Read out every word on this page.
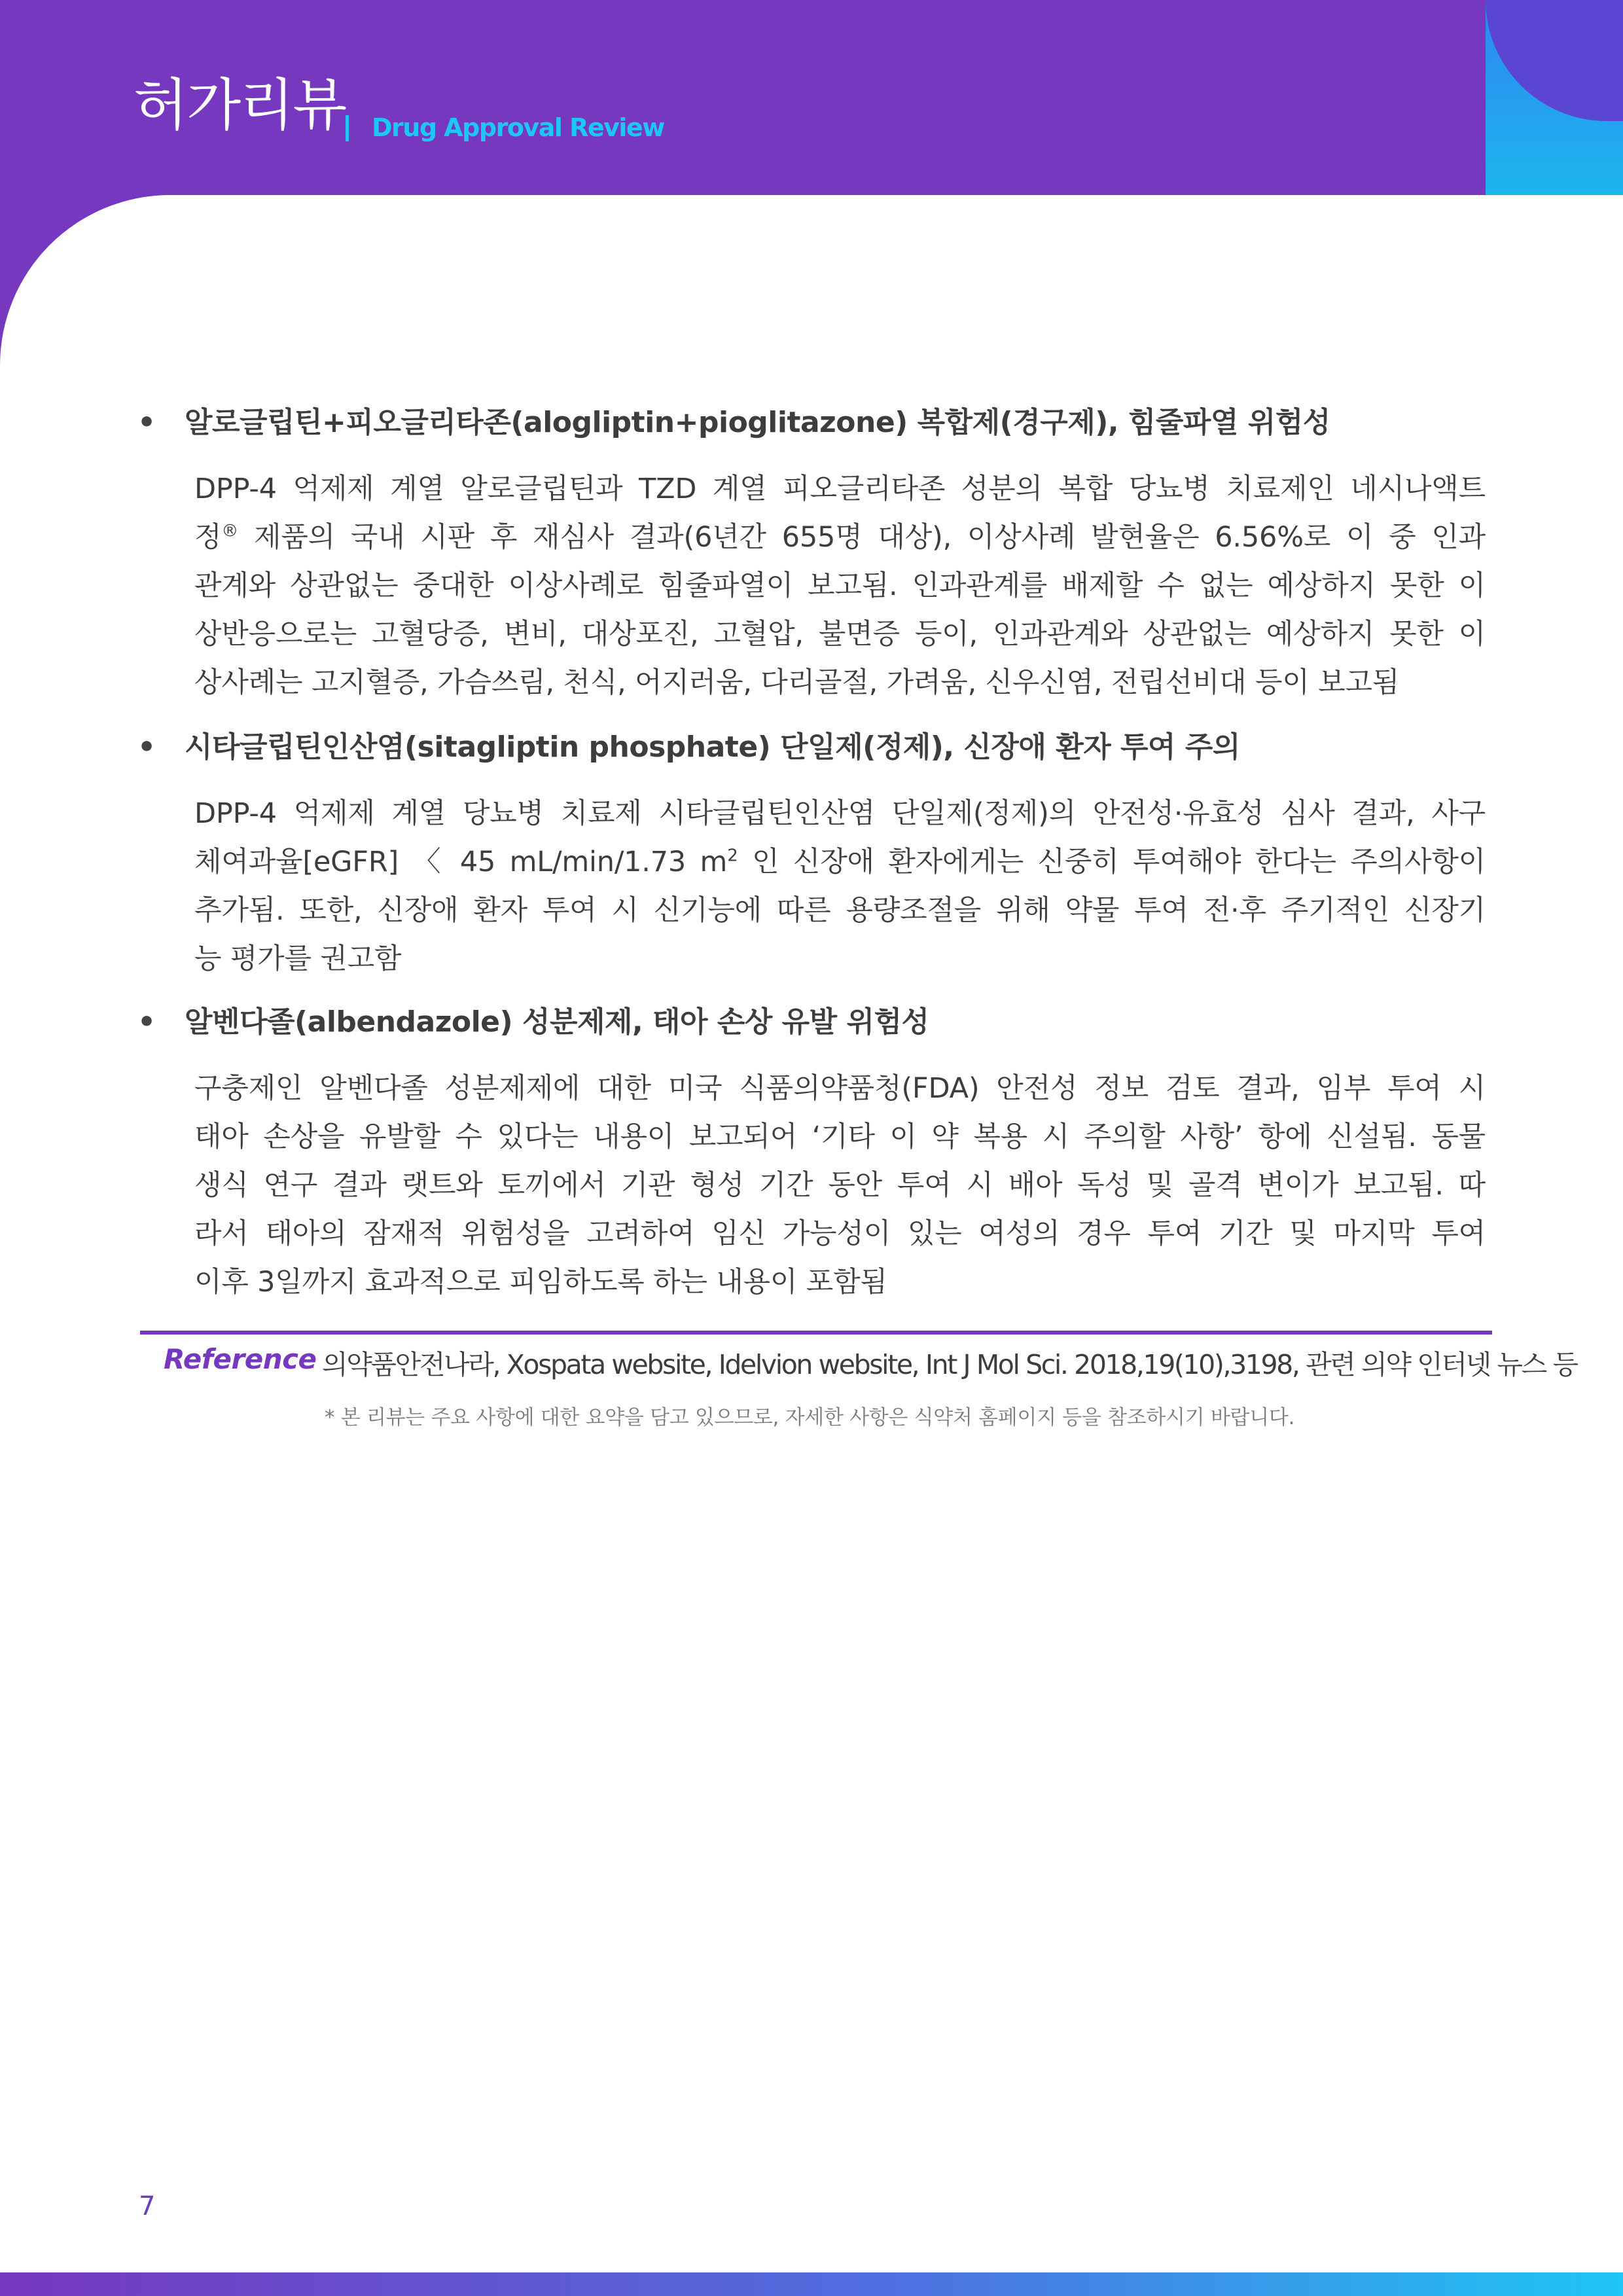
허가리뷰 Drug Approval Review
• 알로글립틴+피오글리타존(alogliptin+pioglitazone) 복합제(경구제), 힘줄파열 위험성
DPP-4 억제제 계열 알로글립틴과 TZD 계열 피오글리타존 성분의 복합 당뇨병 치료제인 네시나액트
정® 제품의 국내 시판 후 재심사 결과(6년간 655명 대상), 이상사례 발현율은 6.56%로 이 중 인과
관계와 상관없는 중대한 이상사례로 힘줄파열이 보고됨. 인과관계를 배제할 수 없는 예상하지 못한 이
상반응으로는 고혈당증, 변비, 대상포진, 고혈압, 불면증 등이, 인과관계와 상관없는 예상하지 못한 이
상사례는 고지혈증, 가슴쓰림, 천식, 어지러움, 다리골절, 가려움, 신우신염, 전립선비대 등이 보고됨
• 시타글립틴인산염(sitagliptin phosphate) 단일제(정제), 신장애 환자 투여 주의
DPP-4 억제제 계열 당뇨병 치료제 시타글립틴인산염 단일제(정제)의 안전성·유효성 심사 결과, 사구
체여과율[eGFR] 〈 45 mL/min/1.73 $m^2$ 인 신장애 환자에게는 신중히 투여해야 한다는 주의사항이
추가됨. 또한, 신장애 환자 투여 시 신기능에 따른 용량조절을 위해 약물 투여 전·후 주기적인 신장기
능 평가를 권고함
• 알벤다졸(albendazole) 성분제제, 태아 손상 유발 위험성
구충제인 알벤다졸 성분제제에 대한 미국 식품의약품청(FDA) 안전성 정보 검토 결과, 임부 투여 시
태아 손상을 유발할 수 있다는 내용이 보고되어 ‘기타 이 약 복용 시 주의할 사항’ 항에 신설됨. 동물
생식 연구 결과 랫트와 토끼에서 기관 형성 기간 동안 투여 시 배아 독성 및 골격 변이가 보고됨. 따
라서 태아의 잠재적 위험성을 고려하여 임신 가능성이 있는 여성의 경우 투여 기간 및 마지막 투여
이후 3일까지 효과적으로 피임하도록 하는 내용이 포함됨
Reference 의약품안전나라, Xospata website, Idelvion website, Int J Mol Sci. 2018,19(10),3198, 관련 의약 인터넷 뉴스 등
* 본 리뷰는 주요 사항에 대한 요약을 담고 있으므로, 자세한 사항은 식약처 홈페이지 등을 참조하시기 바랍니다.
7
